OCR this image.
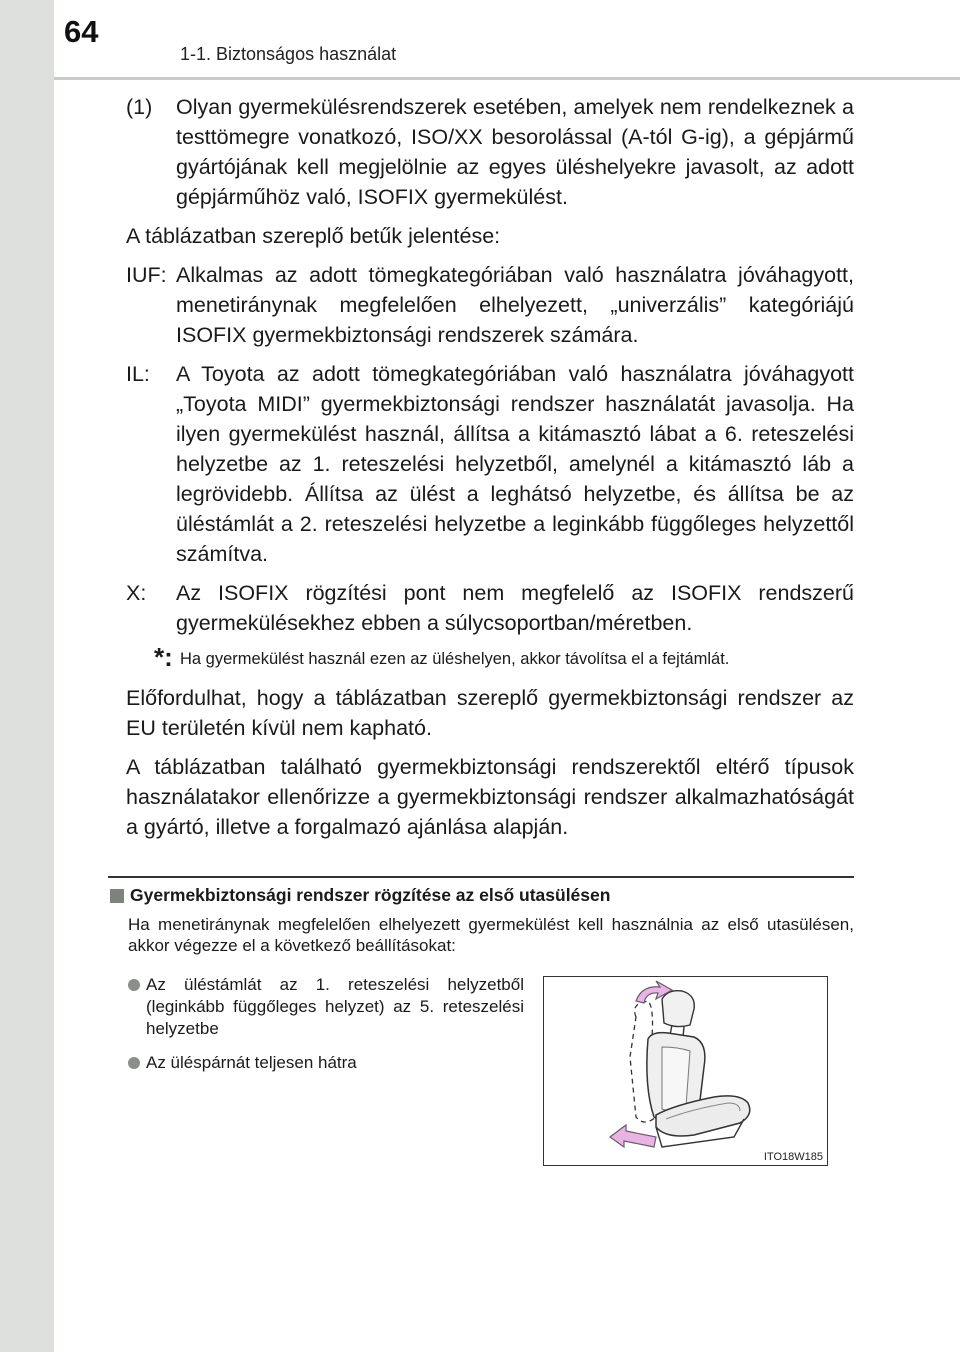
64
1-1. Biztonságos használat
(1)	Olyan gyermekülésrendszerek esetében, amelyek nem rendelkeznek a testtömegre vonatkozó, ISO/XX besorolással (A-tól G-ig), a gépjármű gyártójának kell megjelölnie az egyes üléshelyekre javasolt, az adott gépjárműhöz való, ISOFIX gyermekülést.
A táblázatban szereplő betűk jelentése:
IUF: Alkalmas az adott tömegkategóriában való használatra jóváhagyott, menetiránynak megfelelően elhelyezett, „univerzális” kategóriájú ISOFIX gyermekbiztonsági rendszerek számára.
IL:	A Toyota az adott tömegkategóriában való használatra jóváhagyott „Toyota MIDI” gyermekbiztonsági rendszer használatát javasolja. Ha ilyen gyermekülést használ, állítsa a kitámasztó lábat a 6. reteszelési helyzetbe az 1. reteszelési helyzetből, amelynél a kitámasztó láb a legrövidebb. Állítsa az ülést a leghátsó helyzetbe, és állítsa be az üléstámlát a 2. reteszelési helyzetbe a leginkább függőleges helyzettől számítva.
X:	Az ISOFIX rögzítési pont nem megfelelő az ISOFIX rendszerű gyermekülésekhez ebben a súlycsoportban/méretben.
*: Ha gyermekülést használ ezen az üléshelyen, akkor távolítsa el a fejtámlát.
Előfordulhat, hogy a táblázatban szereplő gyermekbiztonsági rendszer az EU területén kívül nem kapható.
A táblázatban található gyermekbiztonsági rendszerektől eltérő típusok használatakor ellenőrizze a gyermekbiztonsági rendszer alkalmazhatóságát a gyártó, illetve a forgalmazó ajánlása alapján.
Gyermekbiztonsági rendszer rögzítése az első utasülésen
Ha menetiránynak megfelelően elhelyezett gyermekülést kell használnia az első utasülésen, akkor végezze el a következő beállításokat:
Az üléstámlát az 1. reteszelési helyzetből (leginkább függőleges helyzet) az 5. reteszelési helyzetbe
Az üléspárnát teljesen hátra
ITO18W185
